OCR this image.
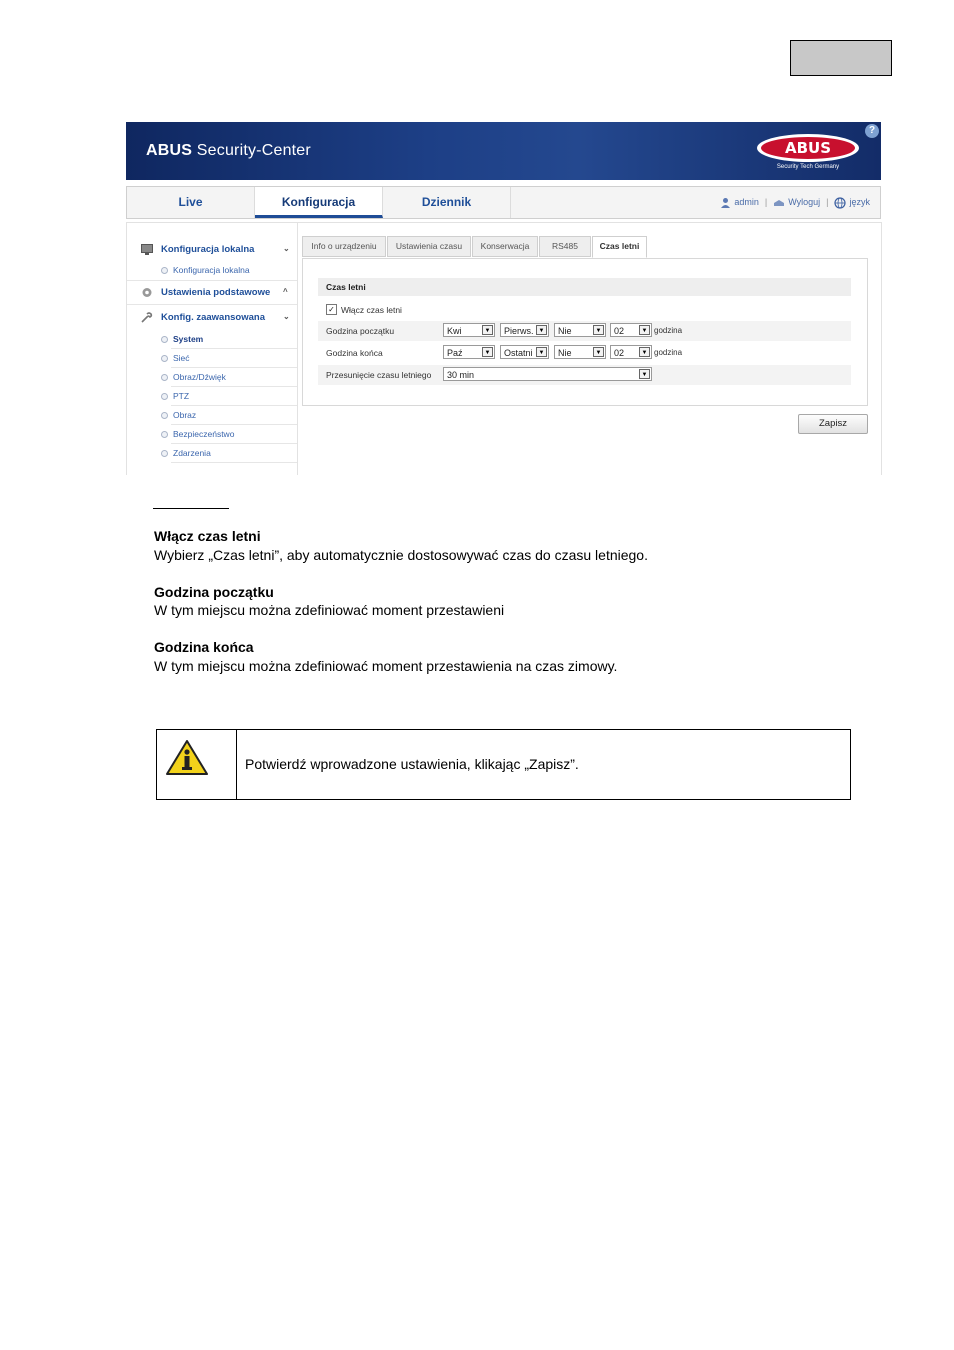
ABUS Security-Center	ABUS
Security Tech Germany
?
Live	Konfiguracja	Dziennik	admin | Wyloguj | język
Konfiguracja lokalna	⌄
Konfiguracja lokalna
Ustawienia podstawowe ^
Konfig. zaawansowana ⌄
System
Sieć
Obraz/Dźwięk
PTZ
Obraz
Bezpieczeństwo
Zdarzenia
Info o urządzeniu	Ustawienia czasu	Konserwacja	RS485	Czas letni
Czas letni
✓ Włącz czas letni
Godzina początku	Kwi	▼	Pierws. ▼	Nie	▼	02	▼ godzina
Godzina końca	Paź	▼	Ostatni	▼	Nie	▼	02	▼ godzina
Przesunięcie czasu letniego	30 min	▼
Zapisz
Włącz czas letni
Wybierz „Czas letni”, aby automatycznie dostosowywać czas do czasu letniego.
Godzina początku
W tym miejscu można zdefiniować moment przestawieni
Godzina końca
W tym miejscu można zdefiniować moment przestawienia na czas zimowy.
Potwierdź wprowadzone ustawienia, klikając „Zapisz”.
